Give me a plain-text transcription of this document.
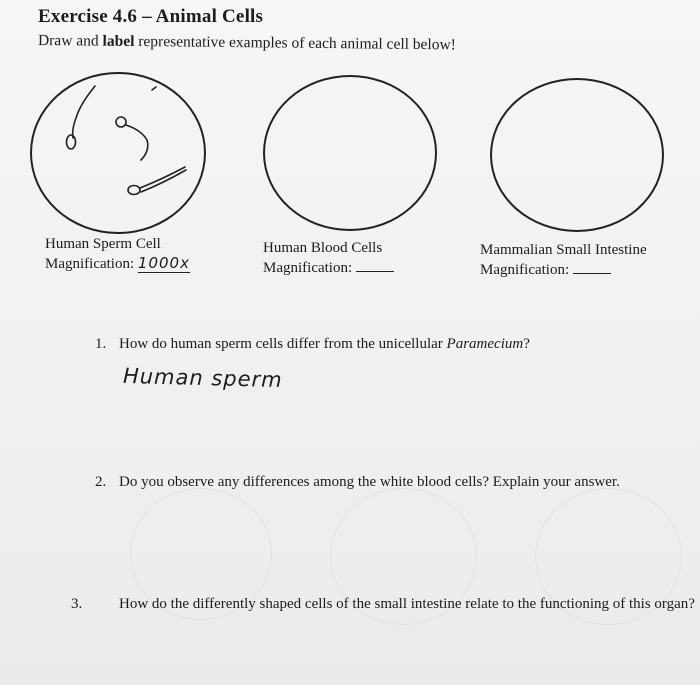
Exercise 4.6 – Animal Cells
Draw and label representative examples of each animal cell below!
Human Sperm Cell
Magnification: 1000x
Human Blood Cells
Magnification:
Mammalian Small Intestine
Magnification:
1. How do human sperm cells differ from the unicellular Paramecium?
Human sperm
2. Do you observe any differences among the white blood cells? Explain your answer.
3. How do the differently shaped cells of the small intestine relate to the functioning of this organ?
